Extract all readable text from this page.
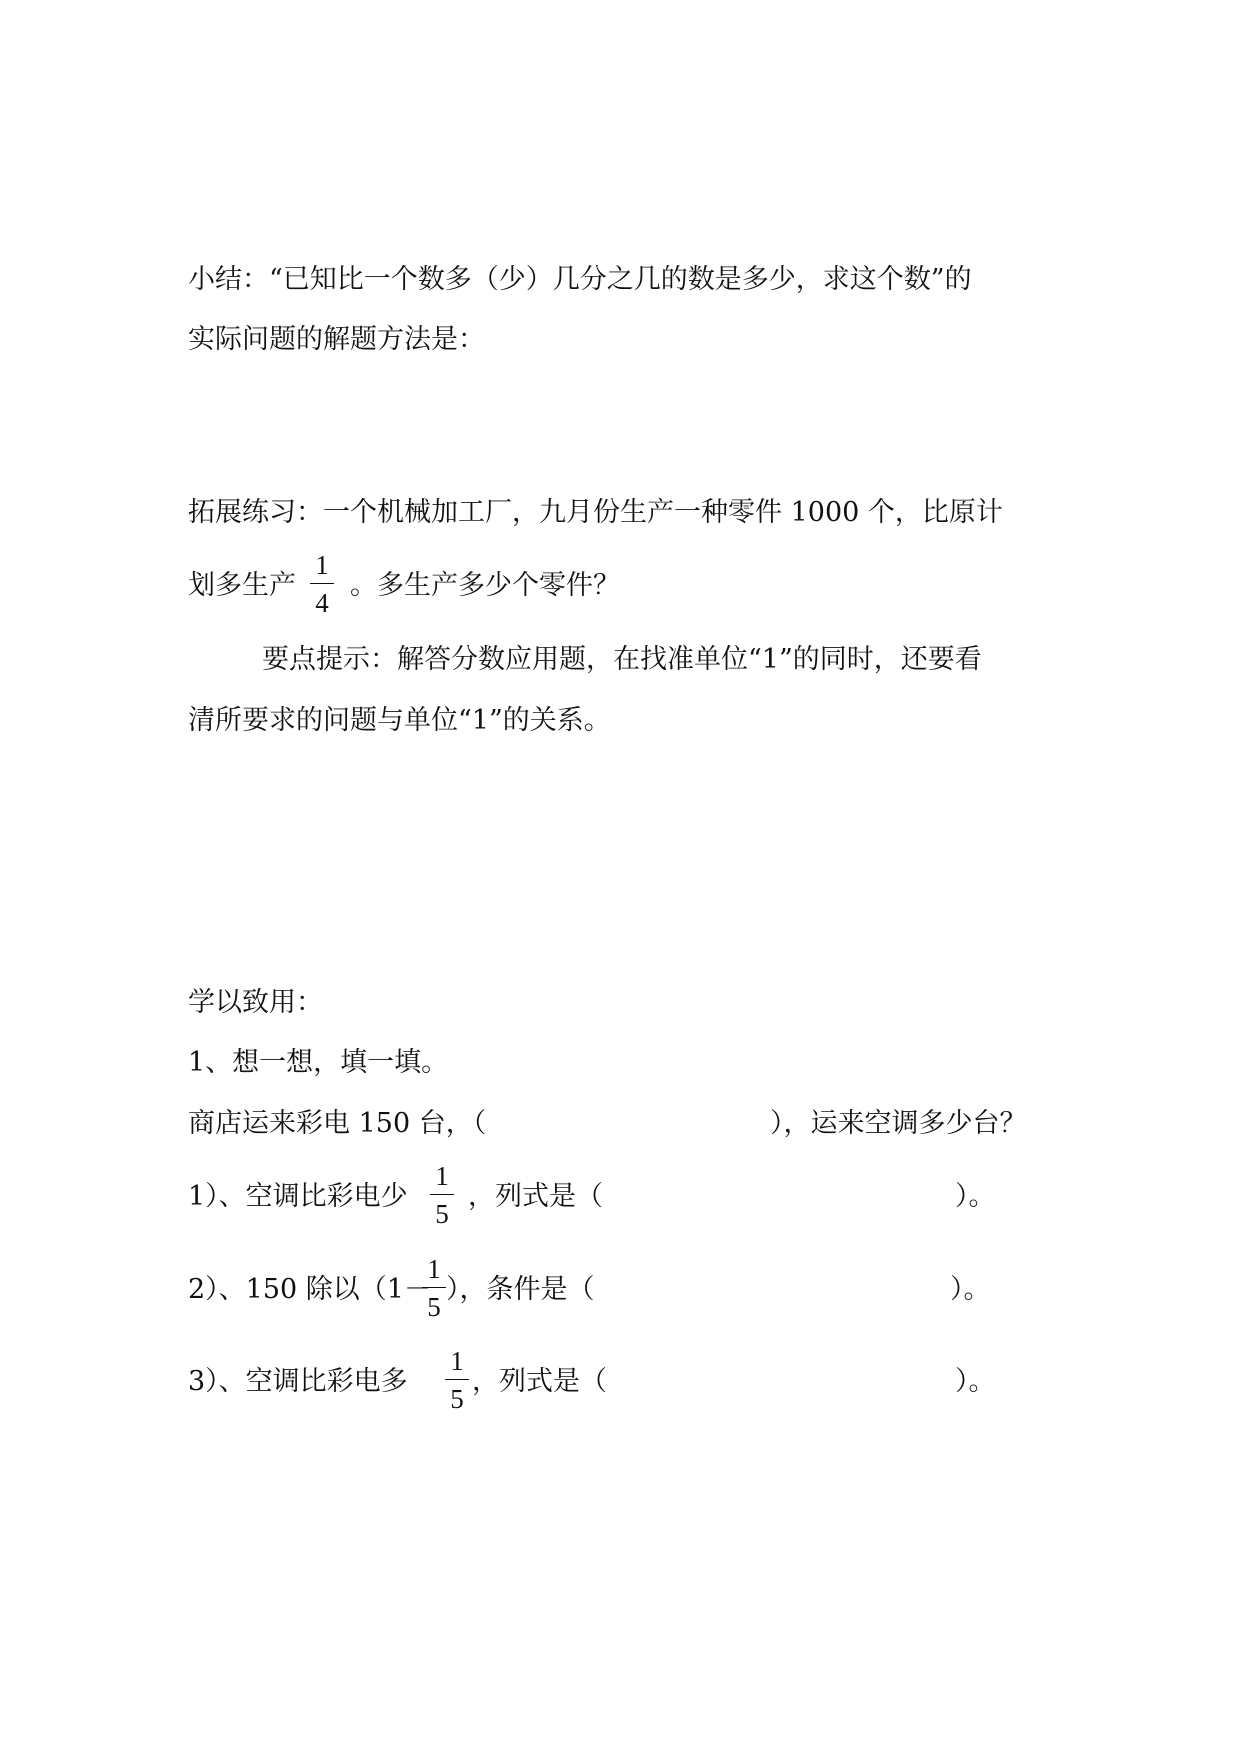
小结：“已知比一个数多（少）几分之几的数是多少，求这个数”的
实际问题的解题方法是：
拓展练习：一个机械加工厂，九月份生产一种零件 1000 个，比原计
划多生产
1
4
。多生产多少个零件？
要点提示：解答分数应用题，在找准单位“1”的同时，还要看
清所要求的问题与单位“1”的关系。
学以致用：
1、想一想，填一填。
商店运来彩电 150 台，（	），运来空调多少台？
1）、空调比彩电少
1
5
，列式是（	）。
2）、150 除以（1－
1
5
），条件是（	）。
3）、空调比彩电多
1
5
，列式是（	）。
